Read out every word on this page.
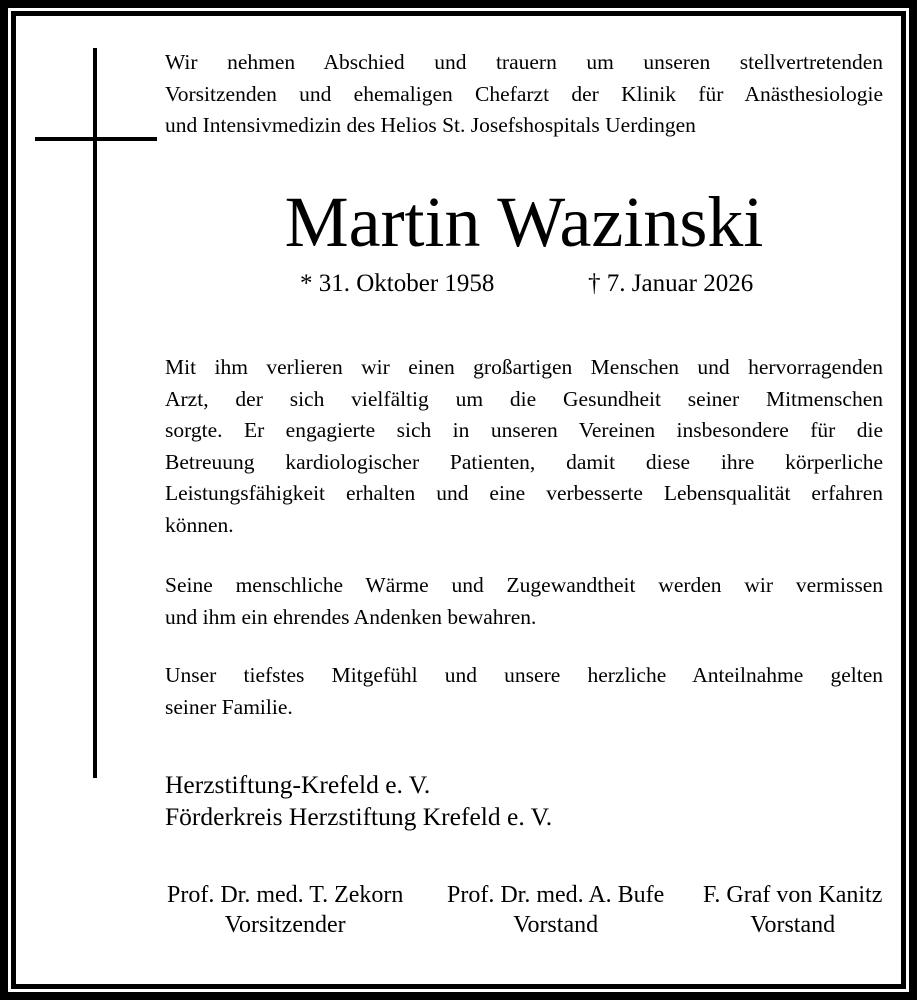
Wir nehmen Abschied und trauern um unseren stellvertretenden
Vorsitzenden und ehemaligen Chefarzt der Klinik für Anästhesiologie
und Intensivmedizin des Helios St. Josefshospitals Uerdingen
Martin Wazinski
* 31. Oktober 1958	† 7. Januar 2026
Mit ihm verlieren wir einen großartigen Menschen und hervorragenden
Arzt, der sich vielfältig um die Gesundheit seiner Mitmenschen
sorgte. Er engagierte sich in unseren Vereinen insbesondere für die
Betreuung kardiologischer Patienten, damit diese ihre körperliche
Leistungsfähigkeit erhalten und eine verbesserte Lebensqualität erfahren
können.
Seine menschliche Wärme und Zugewandtheit werden wir vermissen
und ihm ein ehrendes Andenken bewahren.
Unser tiefstes Mitgefühl und unsere herzliche Anteilnahme gelten
seiner Familie.
Herzstiftung-Krefeld e. V.
Förderkreis Herzstiftung Krefeld e. V.
Prof. Dr. med. T. Zekorn
Vorsitzender
Prof. Dr. med. A. Bufe
Vorstand
F. Graf von Kanitz
Vorstand
